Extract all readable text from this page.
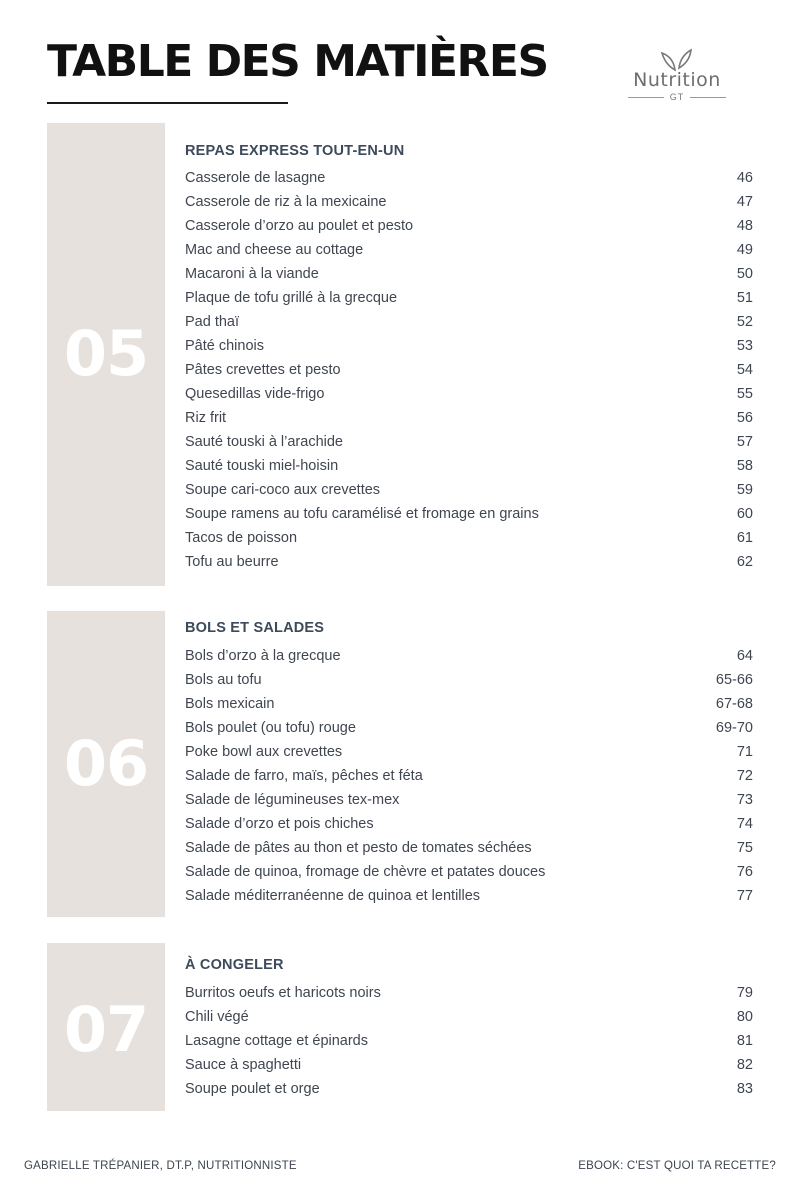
TABLE DES MATIÈRES	Nutrition
GT
05
REPAS EXPRESS TOUT-EN-UN
Casserole de lasagne	46
Casserole de riz à la mexicaine	47
Casserole d’orzo au poulet et pesto	48
Mac and cheese au cottage	49
Macaroni à la viande	50
Plaque de tofu grillé à la grecque	51
Pad thaï	52
Pâté chinois	53
Pâtes crevettes et pesto	54
Quesedillas vide-frigo	55
Riz frit	56
Sauté touski à l’arachide	57
Sauté touski miel-hoisin	58
Soupe cari-coco aux crevettes	59
Soupe ramens au tofu caramélisé et fromage en grains	60
Tacos de poisson	61
Tofu au beurre	62
06
BOLS ET SALADES
Bols d’orzo à la grecque	64
Bols au tofu	65-66
Bols mexicain	67-68
Bols poulet (ou tofu) rouge	69-70
Poke bowl aux crevettes	71
Salade de farro, maïs, pêches et féta	72
Salade de légumineuses tex-mex	73
Salade d’orzo et pois chiches	74
Salade de pâtes au thon et pesto de tomates séchées	75
Salade de quinoa, fromage de chèvre et patates douces	76
Salade méditerranéenne de quinoa et lentilles	77
07
À CONGELER
Burritos oeufs et haricots noirs	79
Chili végé	80
Lasagne cottage et épinards	81
Sauce à spaghetti	82
Soupe poulet et orge	83
GABRIELLE TRÉPANIER, DT.P, NUTRITIONNISTE	EBOOK: C'EST QUOI TA RECETTE?
